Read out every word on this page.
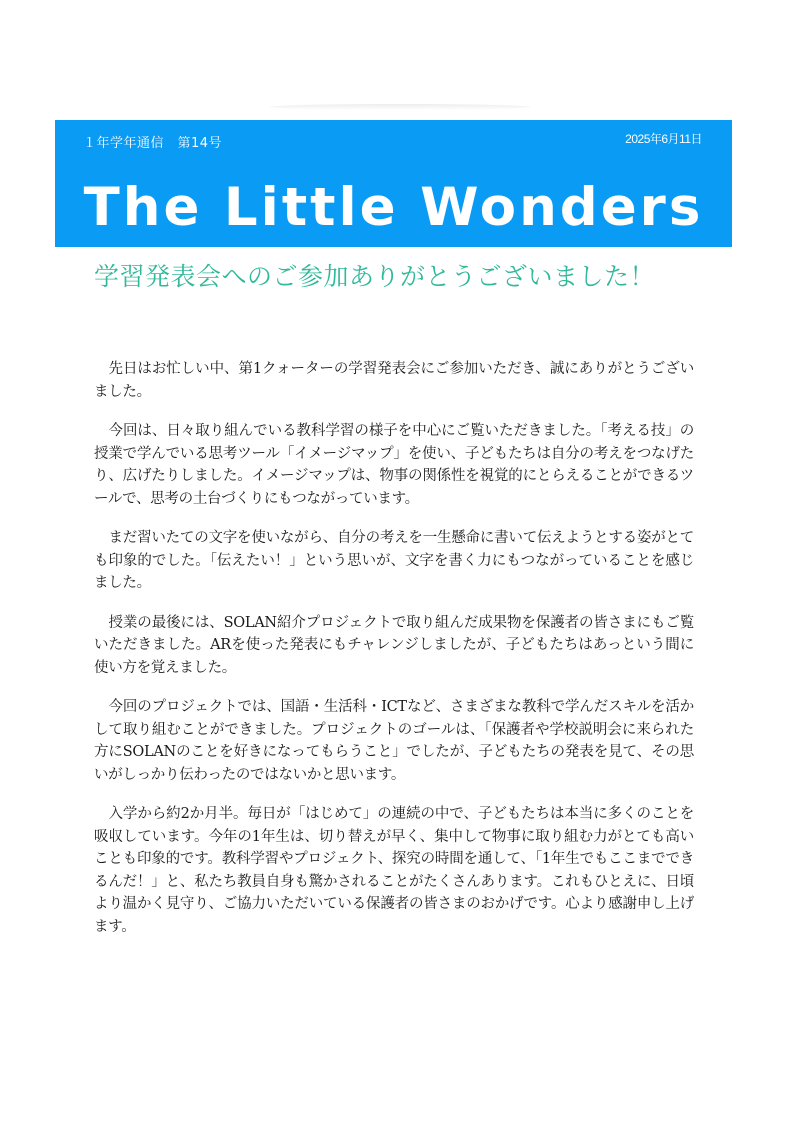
１年学年通信　第14号	2025年6月11日
The Little Wonders
学習発表会へのご参加ありがとうございました！

先日はお忙しい中、第1クォーターの学習発表会にご参加いただき、誠にありがとうございました。

今回は、日々取り組んでいる教科学習の様子を中心にご覧いただきました。「考える技」の授業で学んでいる思考ツール「イメージマップ」を使い、子どもたちは自分の考えをつなげたり、広げたりしました。イメージマップは、物事の関係性を視覚的にとらえることができるツールで、思考の土台づくりにもつながっています。

まだ習いたての文字を使いながら、自分の考えを一生懸命に書いて伝えようとする姿がとても印象的でした。「伝えたい！」という思いが、文字を書く力にもつながっていることを感じました。

授業の最後には、SOLAN紹介プロジェクトで取り組んだ成果物を保護者の皆さまにもご覧いただきました。ARを使った発表にもチャレンジしましたが、子どもたちはあっという間に使い方を覚えました。

今回のプロジェクトでは、国語・生活科・ICTなど、さまざまな教科で学んだスキルを活かして取り組むことができました。プロジェクトのゴールは、「保護者や学校説明会に来られた方にSOLANのことを好きになってもらうこと」でしたが、子どもたちの発表を見て、その思いがしっかり伝わったのではないかと思います。

入学から約2か月半。毎日が「はじめて」の連続の中で、子どもたちは本当に多くのことを吸収しています。今年の1年生は、切り替えが早く、集中して物事に取り組む力がとても高いことも印象的です。教科学習やプロジェクト、探究の時間を通して、「1年生でもここまでできるんだ！」と、私たち教員自身も驚かされることがたくさんあります。これもひとえに、日頃より温かく見守り、ご協力いただいている保護者の皆さまのおかげです。心より感謝申し上げます。
